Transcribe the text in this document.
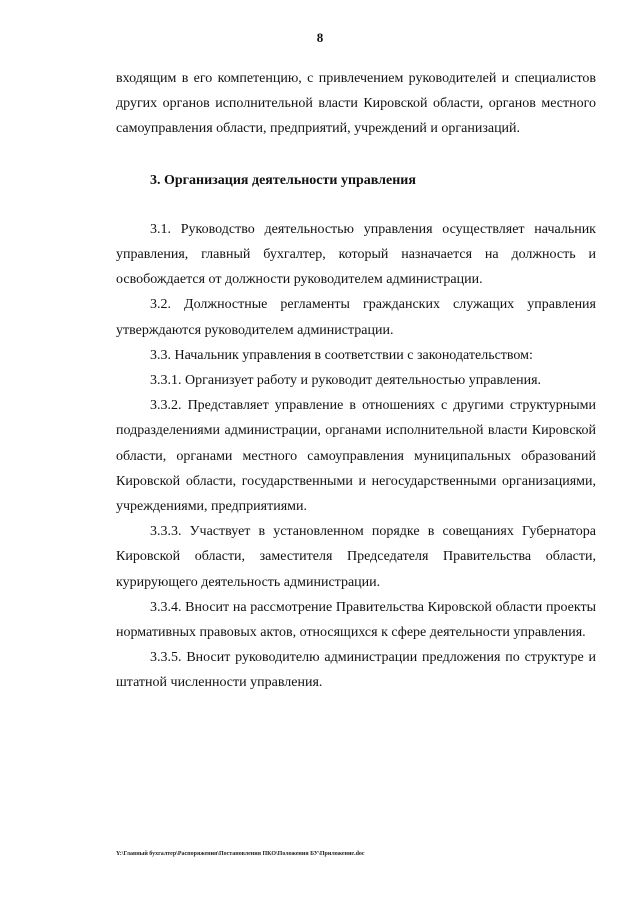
8

входящим в его компетенцию, с привлечением руководителей и специалистов других органов исполнительной власти Кировской области, органов местного самоуправления области, предприятий, учреждений и организаций.

3. Организация деятельности управления

3.1. Руководство деятельностью управления осуществляет начальник управления, главный бухгалтер, который назначается на должность и освобождается от должности руководителем администрации.

3.2. Должностные регламенты гражданских служащих управления утверждаются руководителем администрации.

3.3. Начальник управления в соответствии с законодательством:

3.3.1. Организует работу и руководит деятельностью управления.

3.3.2. Представляет управление в отношениях с другими структурными подразделениями администрации, органами исполнительной власти Кировской области, органами местного самоуправления муниципальных образований Кировской области, государственными и негосударственными организациями, учреждениями, предприятиями.

3.3.3. Участвует в установленном порядке в совещаниях Губернатора Кировской области, заместителя Председателя Правительства области, курирующего деятельность администрации.

3.3.4. Вносит на рассмотрение Правительства Кировской области проекты нормативных правовых актов, относящихся к сфере деятельности управления.

3.3.5. Вносит руководителю администрации предложения по структуре и штатной численности управления.

Y:\Главный бухгалтер\Распоряжения\Постановления ПКО\Положения БУ\Приложение.doc
